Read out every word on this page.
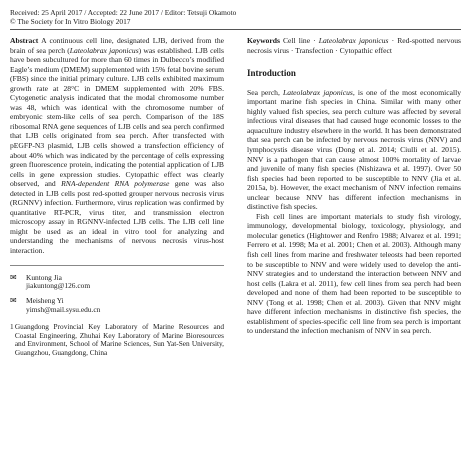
Received: 25 April 2017 / Accepted: 22 June 2017 / Editor: Tetsuji Okamoto
© The Society for In Vitro Biology 2017
Abstract A continuous cell line, designated LJB, derived from the brain of sea perch (Lateolabrax japonicus) was established. LJB cells have been subcultured for more than 60 times in Dulbecco’s modified Eagle’s medium (DMEM) supplemented with 15% fetal bovine serum (FBS) since the initial primary culture. LJB cells exhibited maximum growth rate at 28°C in DMEM supplemented with 20% FBS. Cytogenetic analysis indicated that the modal chromosome number was 48, which was identical with the chromosome number of embryonic stem-like cells of sea perch. Comparison of the 18S ribosomal RNA gene sequences of LJB cells and sea perch confirmed that LJB cells originated from sea perch. After transfected with pEGFP-N3 plasmid, LJB cells showed a transfection efficiency of about 40% which was indicated by the percentage of cells expressing green fluorescence protein, indicating the potential application of LJB cells in gene expression studies. Cytopathic effect was clearly observed, and RNA-dependent RNA polymerase gene was also detected in LJB cells post red-spotted grouper nervous necrosis virus (RGNNV) infection. Furthermore, virus replication was confirmed by quantitative RT-PCR, virus titer, and transmission electron microscopy assay in RGNNV-infected LJB cells. The LJB cell line might be used as an ideal in vitro tool for analyzing and understanding the mechanisms of nervous necrosis virus-host interaction.
✉	Kuntong Jia
jiakuntong@126.com
✉	Meisheng Yi
yimsh@mail.sysu.edu.cn
1 Guangdong Provincial Key Laboratory of Marine Resources and Coastal Engineering, Zhuhai Key Laboratory of Marine Bioresources and Environment, School of Marine Sciences, Sun Yat-Sen University, Guangzhou, Guangdong, China
Keywords Cell line · Lateolabrax japonicus · Red-spotted nervous necrosis virus · Transfection · Cytopathic effect
Introduction

Sea perch, Lateolabrax japonicus, is one of the most economically important marine fish species in China. Similar with many other highly valued fish species, sea perch culture was affected by several infectious viral diseases that had caused huge economic losses to the aquaculture industry elsewhere in the world. It has been demonstrated that sea perch can be infected by nervous necrosis virus (NNV) and lymphocystis disease virus (Dong et al. 2014; Ciulli et al. 2015). NNV is a pathogen that can cause almost 100% mortality of larvae and juvenile of many fish species (Nishizawa et al. 1997). Over 50 fish species had been reported to be susceptible to NNV (Jia et al. 2015a, b). However, the exact mechanism of NNV infection remains unclear because NNV has different infection mechanisms in distinctive fish species.

Fish cell lines are important materials to study fish virology, immunology, developmental biology, toxicology, physiology, and molecular genetics (Hightower and Renfro 1988; Alvarez et al. 1991; Ferrero et al. 1998; Ma et al. 2001; Chen et al. 2003). Although many fish cell lines from marine and freshwater teleosts had been reported to be susceptible to NNV and were widely used to develop the anti-NNV strategies and to understand the interaction between NNV and host cells (Lakra et al. 2011), few cell lines from sea perch had been developed and none of them had been reported to be susceptible to NNV (Tong et al. 1998; Chen et al. 2003). Given that NNV might have different infection mechanisms in distinctive fish species, the establishment of species-specific cell line from sea perch is important to understand the infection mechanism of NNV in sea perch.
